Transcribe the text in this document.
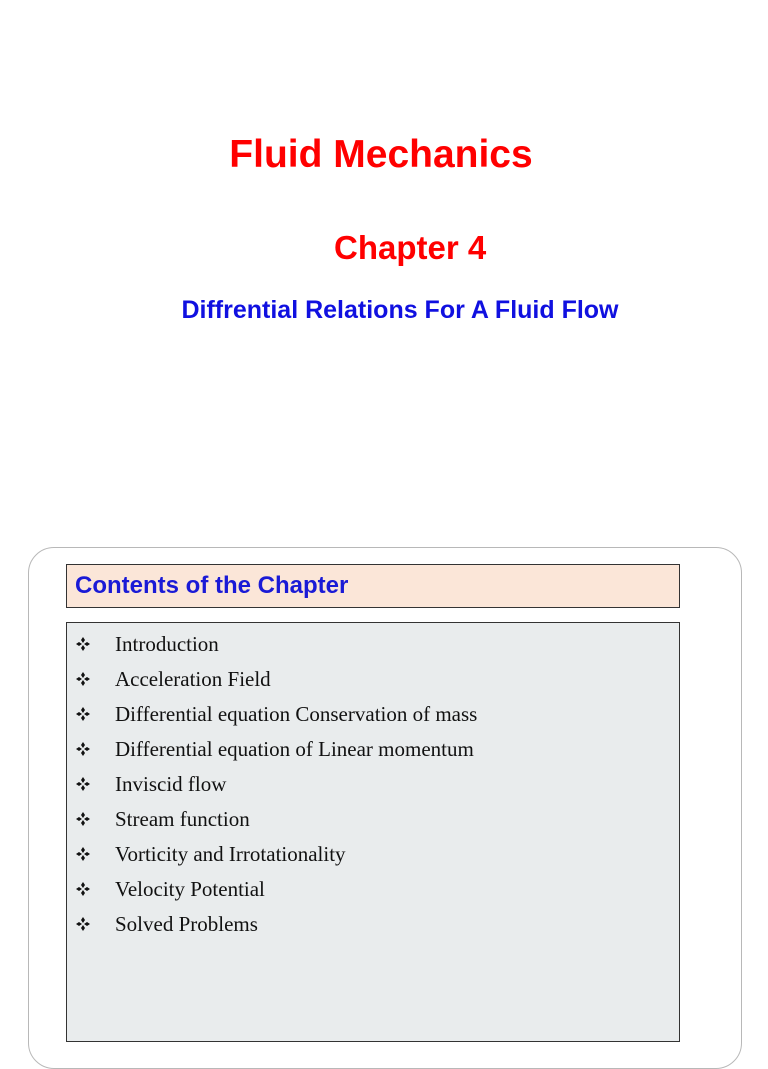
Fluid Mechanics
Chapter 4
Diffrential Relations For A Fluid Flow
Contents of the Chapter
Introduction
Acceleration Field
Differential equation Conservation of mass
Differential equation of Linear momentum
Inviscid flow
Stream function
Vorticity and Irrotationality
Velocity Potential
Solved Problems
